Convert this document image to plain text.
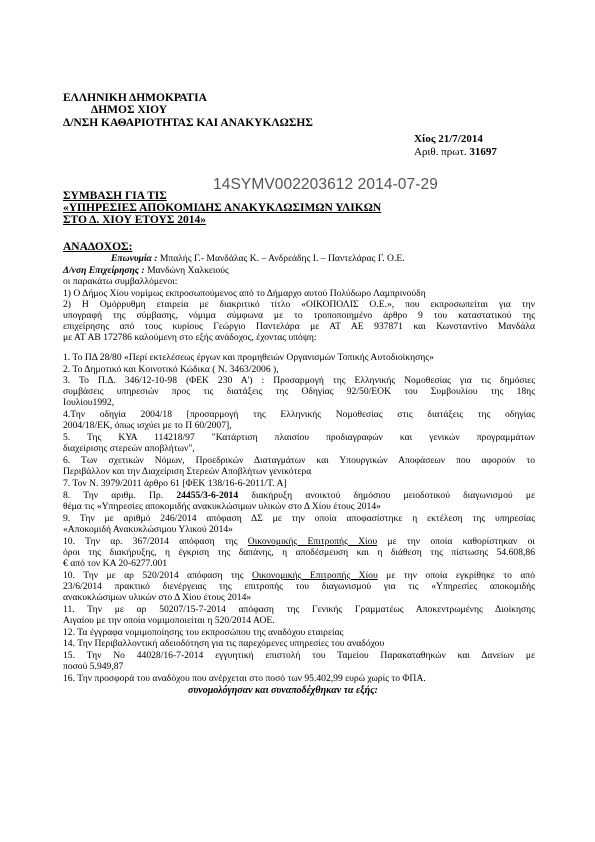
ΕΛΛΗΝΙΚΗ ΔΗΜΟΚΡΑΤΙΑ
ΔΗΜΟΣ ΧΙΟΥ
Δ/ΝΣΗ ΚΑΘΑΡΙΟΤΗΤΑΣ ΚΑΙ ΑΝΑΚΥΚΛΩΣΗΣ
Χίος 21/7/2014
Αριθ. πρωτ. 31697
14SYMV002203612 2014-07-29
ΣΥΜΒΑΣΗ ΓΙΑ ΤΙΣ
«ΥΠΗΡΕΣΙΕΣ ΑΠΟΚΟΜΙΔΗΣ ΑΝΑΚΥΚΛΩΣΙΜΩΝ ΥΛΙΚΩΝ
ΣΤΟ Δ. ΧΙΟΥ ΕΤΟΥΣ 2014»
ΑΝΑΔΟΧΟΣ:
Επωνυμία : Μπαλής Γ.- Μανδάλας Κ. – Ανδρεάδης Ι. – Παντελάρας Γ. Ο.Ε.
Δ/νση Επιχείρησης : Μανδώνη Χαλκειούς
οι παρακάτω συμβαλλόμενοι:
1) Ο Δήμος Χίου νομίμως εκπροσωπούμενος από το Δήμαρχο αυτού Πολύδωρο Λαμπρινούδη
2) Η Ομόρρυθμη εταιρεία με διακριτικό τίτλο «ΟΙΚΟΠΟΛΙΣ Ο.Ε.», που εκπροσωπείται για την
υπογραφή της σύμβασης, νόμιμα σύμφωνα με το τροποποιημένο άρθρο 9 του καταστατικού της
επιχείρησης από τους κυρίους Γεώργιο Παντελάρα με ΑΤ ΑΕ 937871 και Κωνσταντίνο Μανδάλα
με ΑΤ ΑΒ 172786 καλούμενη στο εξής ανάδοχος, έχοντας υπόψη:
1. Το ΠΔ 28/80 «Περί εκτελέσεως έργων και προμηθειών Οργανισμών Τοπικής Αυτοδιοίκησης»
2. Το Δημοτικό και Κοινοτικό Κώδικα ( Ν. 3463/2006 ),
3. Το Π.Δ. 346/12-10-98 (ΦΕΚ 230 Α') : Προσαρμογή της Ελληνικής Νομοθεσίας για τις δημόσιες
συμβάσεις υπηρεσιών προς τις διατάξεις της Οδηγίας 92/50/ΕΟΚ του Συμβουλίου της 18ης
Ιουλίου1992,
4.Την οδηγία 2004/18 [προσαρμογή της Ελληνικής Νομοθεσίας στις διατάξεις της οδηγίας
2004/18/ΕΚ, όπως ισχύει με το Π 60/2007],
5. Της ΚΥΑ 114218/97 "Κατάρτιση πλαισίου προδιαγραφών και γενικών προγραμμάτων
διαχείρισης στερεών αποβλήτων",
6. Των σχετικών Νόμων, Προεδρικών Διαταγμάτων και Υπουργικών Αποφάσεων που αφορούν το
Περιβάλλον και την Διαχείριση Στερεών Αποβλήτων γενικότερα
7. Τον Ν. 3979/2011 άρθρο 61 [ΦΕΚ 138/16-6-2011/Τ. Α]
8. Την αριθμ. Πρ. 24455/3-6-2014 διακήρυξη ανοικτού δημόσιου μειοδοτικού διαγωνισμού με
θέμα τις «Υπηρεσίες αποκομιδής ανακυκλώσιμων υλικών στο Δ Χίου έτους 2014»
9. Την με αριθμό 246/2014 απόφαση ΔΣ με την οποία αποφασίστηκε η εκτέλεση της υπηρεσίας
«Αποκομιδή Ανακυκλώσιμου Υλικού 2014»
10. Την αρ. 367/2014 απόφαση της Οικονομικής Επιτροπής Χίου με την οποία καθορίστηκαν οι
όροι της διακήρυξης, η έγκριση της δαπάνης, η αποδέσμευση και η διάθεση της πίστωσης 54.608,86
€ από τον ΚΑ 20-6277.001
10. Την με αρ 520/2014 απόφαση της Οικονομικής Επιτροπής Χίου με την οποία εγκρίθηκε το από
23/6/2014 πρακτικό διενέργειας της επιτροπής του διαγωνισμού για τις «Υπηρεσίες αποκομιδής
ανακυκλώσιμων υλικών στο Δ Χίου έτους 2014»
11. Την με αρ 50207/15-7-2014 απόφαση της Γενικής Γραμματέως Αποκεντρωμένης Διοίκησης
Αιγαίου με την οποία νομιμοποιείται η 520/2014 ΑΟΕ.
12. Τα έγγραφα νομιμοποίησης του εκπροσώπου της αναδόχου εταιρείας
14. Την Περιβαλλοντική αδειοδότηση για τις παρεχόμενες υπηρεσίες του αναδόχου
15. Την Νο 44028/16-7-2014 εγγυητική επιστολή του Ταμείου Παρακαταθηκών και Δανείων με
ποσού 5.949,87
16. Την προσφορά του αναδόχου που ανέρχεται στο ποσό των 95.402,99 ευρώ χωρίς το ΦΠΑ.
συνομολόγησαν και συναποδέχθηκαν τα εξής:
